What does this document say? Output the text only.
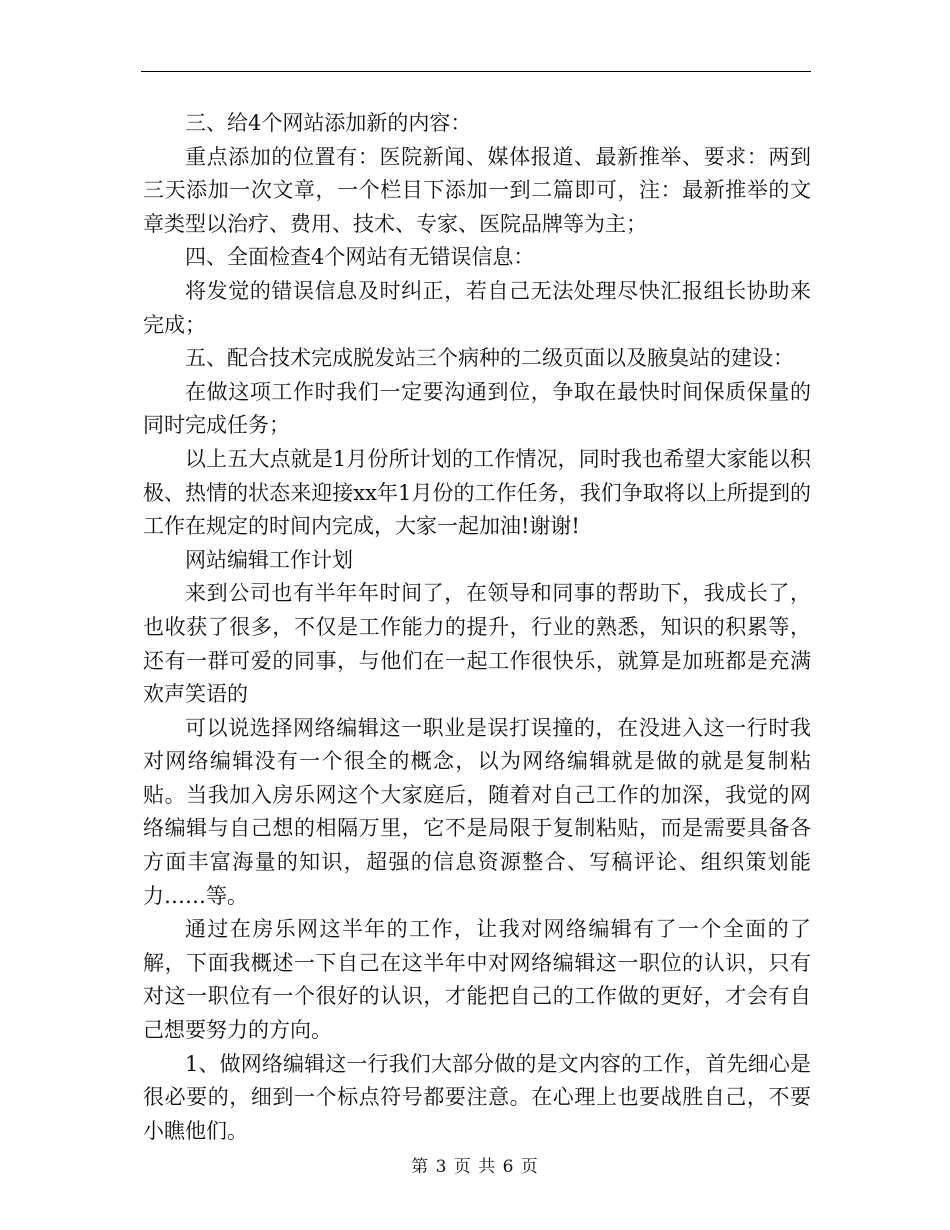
三、给4个网站添加新的内容：

重点添加的位置有：医院新闻、媒体报道、最新推举、要求：两到三天添加一次文章，一个栏目下添加一到二篇即可，注：最新推举的文章类型以治疗、费用、技术、专家、医院品牌等为主；

四、全面检查4个网站有无错误信息：

将发觉的错误信息及时纠正，若自己无法处理尽快汇报组长协助来完成；

五、配合技术完成脱发站三个病种的二级页面以及腋臭站的建设：

在做这项工作时我们一定要沟通到位，争取在最快时间保质保量的同时完成任务；

以上五大点就是1月份所计划的工作情况，同时我也希望大家能以积极、热情的状态来迎接xx年1月份的工作任务，我们争取将以上所提到的工作在规定的时间内完成，大家一起加油!谢谢!

网站编辑工作计划

来到公司也有半年年时间了，在领导和同事的帮助下，我成长了，也收获了很多，不仅是工作能力的提升，行业的熟悉，知识的积累等，还有一群可爱的同事，与他们在一起工作很快乐，就算是加班都是充满欢声笑语的

可以说选择网络编辑这一职业是误打误撞的，在没进入这一行时我对网络编辑没有一个很全的概念，以为网络编辑就是做的就是复制粘贴。当我加入房乐网这个大家庭后，随着对自己工作的加深，我觉的网络编辑与自己想的相隔万里，它不是局限于复制粘贴，而是需要具备各方面丰富海量的知识，超强的信息资源整合、写稿评论、组织策划能力……等。

通过在房乐网这半年的工作，让我对网络编辑有了一个全面的了解，下面我概述一下自己在这半年中对网络编辑这一职位的认识，只有对这一职位有一个很好的认识，才能把自己的工作做的更好，才会有自己想要努力的方向。

1、做网络编辑这一行我们大部分做的是文内容的工作，首先细心是很必要的，细到一个标点符号都要注意。在心理上也要战胜自己，不要小瞧他们。

第 3 页 共 6 页
